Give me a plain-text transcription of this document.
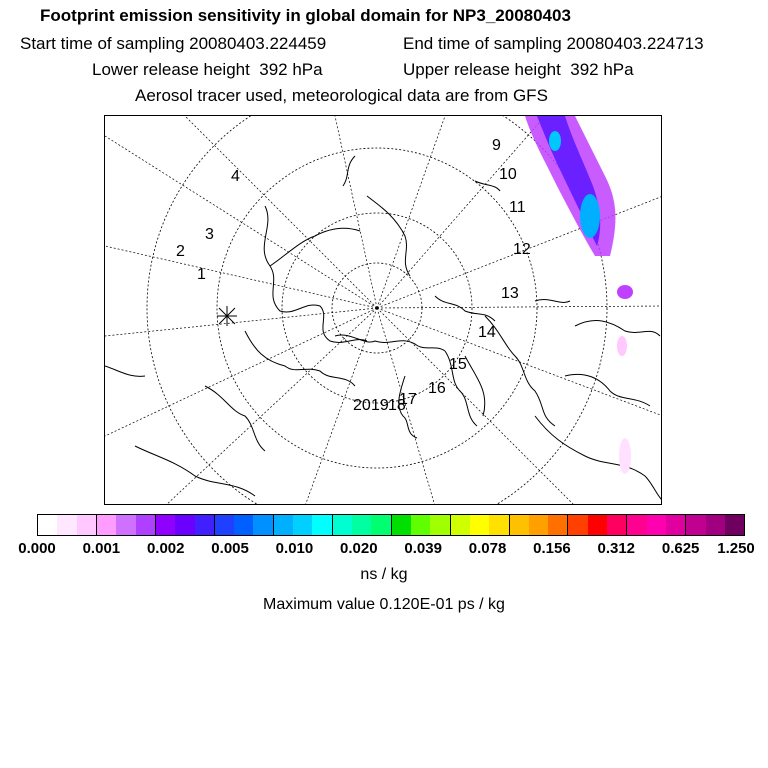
Footprint emission sensitivity in global domain for NP3_20080403
Start time of sampling 20080403.224459	End time of sampling 20080403.224713
Lower release height  392 hPa	Upper release height  392 hPa
Aerosol tracer used, meteorological data are from GFS
1
2
3
4
9
10
11
12
13
14
15
16
17
18
19
20
0.000 0.001 0.002 0.005 0.010 0.020 0.039 0.078 0.156 0.312 0.625 1.250
ns / kg
Maximum value 0.120E-01 ps / kg
